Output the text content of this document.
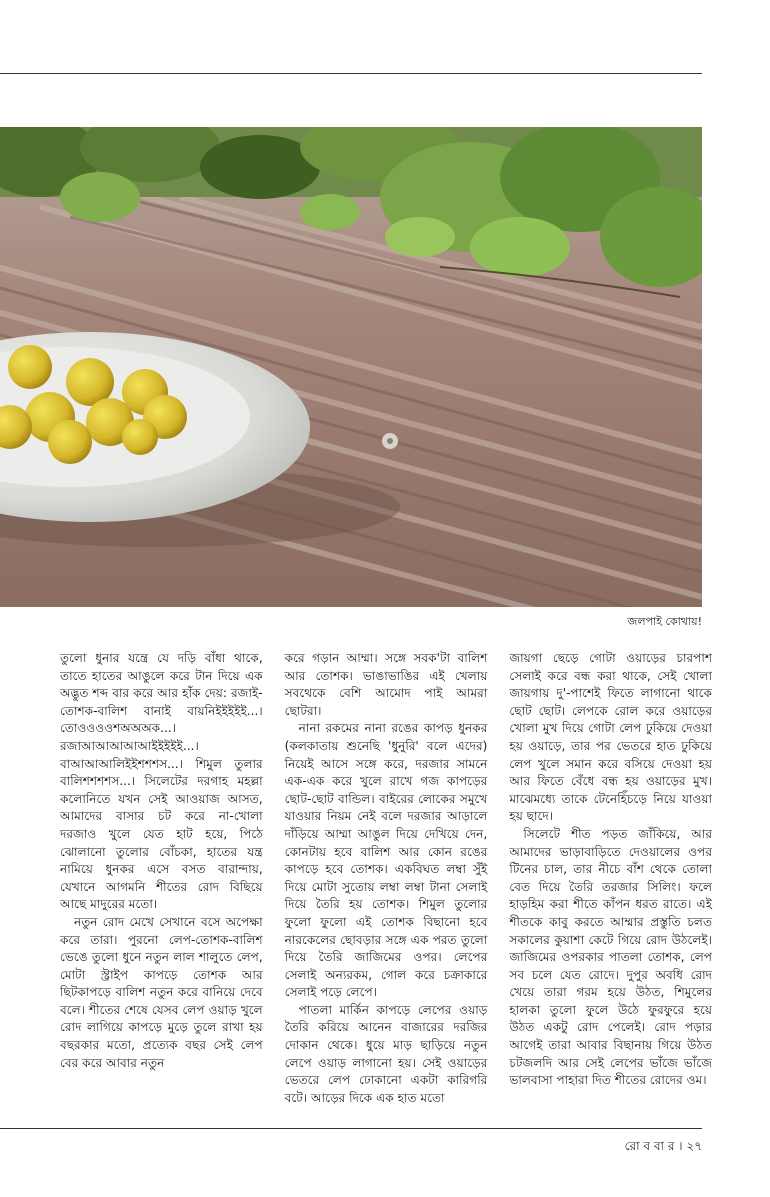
জলপাই কোথায়!

তুলো ধুনার যন্ত্রে যে দড়ি বাঁধা থাকে, তাতে হাতের আঙুলে করে টান দিয়ে এক অদ্ভুত শব্দ বার করে আর হাঁক দেয়: রজাই-তোশক-বালিশ বানাই বায়নিইইইইই...। তোওওওওশঅঅঅক...। রজাআআআআআইইইইই...। বাআআআলিইইশশশস...। শিমুল তুলার বালিশশশশস...। সিলেটের দরগাহ মহল্লা কলোনিতে যখন সেই আওয়াজ আসত, আমাদের বাসার চট করে না-খোলা দরজাও খুলে যেত হাট হয়ে, পিঠে ঝোলানো তুলোর বোঁচকা, হাতের যন্ত্র নামিয়ে ধুনকর এসে বসত বারান্দায়, যেখানে আগমনি শীতের রোদ বিছিয়ে আছে মাদুরের মতো।

নতুন রোদ মেখে সেখানে বসে অপেক্ষা করে তারা। পুরনো লেপ-তোশক-বালিশ ভেঙে তুলো ধুনে নতুন লাল শালুতে লেপ, মোটা স্ট্রাইপ কাপড়ে তোশক আর ছিটকাপড়ে বালিশ নতুন করে বানিয়ে দেবে বলে। শীতের শেষে যেসব লেপ ওয়াড় খুলে রোদ লাগিয়ে কাপড়ে মুড়ে তুলে রাখা হয় বছরকার মতো, প্রত্যেক বছর সেই লেপ বের করে আবার নতুন

করে গড়ান আম্মা। সঙ্গে সবক'টা বালিশ আর তোশক। ভাঙাভাঙির এই খেলায় সবথেকে বেশি আমোদ পাই আমরা ছোটরা।

নানা রকমের নানা রঙের কাপড় ধুনকর (কলকাতায় শুনেছি 'ধুনুরি' বলে এদের) নিয়েই আসে সঙ্গে করে, দরজার সামনে এক-এক করে খুলে রাখে গজ কাপড়ের ছোট-ছোট বান্ডিল। বাইরের লোকের সমুখে যাওয়ার নিয়ম নেই বলে দরজার আড়ালে দাঁড়িয়ে আম্মা আঙুল দিয়ে দেখিয়ে দেন, কোনটায় হবে বালিশ আর কোন রঙের কাপড়ে হবে তোশক। একবিঘত লম্বা সুঁই দিয়ে মোটা সুতোয় লম্বা লম্বা টানা সেলাই দিয়ে তৈরি হয় তোশক। শিমুল তুলোর ফুলো ফুলো এই তোশক বিছানো হবে নারকেলের ছোবড়ার সঙ্গে এক পরত তুলো দিয়ে তৈরি জাজিমের ওপর। লেপের সেলাই অন্যরকম, গোল করে চক্রাকারে সেলাই পড়ে লেপে।

পাতলা মার্কিন কাপড়ে লেপের ওয়াড় তৈরি করিয়ে আনেন বাজারের দরজির দোকান থেকে। ধুয়ে মাড় ছাড়িয়ে নতুন লেপে ওয়াড় লাগানো হয়। সেই ওয়াড়ের ভেতরে লেপ ঢোকানো একটা কারিগরি বটে। আড়ের দিকে এক হাত মতো

জায়গা ছেড়ে গোটা ওয়াড়ের চারপাশ সেলাই করে বন্ধ করা থাকে, সেই খোলা জায়গায় দু'-পাশেই ফিতে লাগানো থাকে ছোট ছোট। লেপকে রোল করে ওয়াড়ের খোলা মুখ দিয়ে গোটা লেপ ঢুকিয়ে দেওয়া হয় ওয়াড়ে, তার পর ভেতরে হাত ঢুকিয়ে লেপ খুলে সমান করে বসিয়ে দেওয়া হয় আর ফিতে বেঁধে বন্ধ হয় ওয়াড়ের মুখ। মাঝেমধ্যে তাকে টেনেহিঁচড়ে নিয়ে যাওয়া হয় ছাদে।

সিলেটে শীত পড়ত জাঁকিয়ে, আর আমাদের ভাড়াবাড়িতে দেওয়ালের ওপর টিনের চাল, তার নীচে বাঁশ থেকে তোলা বেত দিয়ে তৈরি তরজার সিলিং। ফলে হাড়হিম করা শীতে কাঁপন ধরত রাতে। এই শীতকে কাবু করতে আম্মার প্রস্তুতি চলত সকালের কুয়াশা কেটে গিয়ে রোদ উঠলেই। জাজিমের ওপরকার পাতলা তোশক, লেপ সব চলে যেত রোদে। দুপুর অবধি রোদ খেয়ে তারা গরম হয়ে উঠত, শিমুলের হালকা তুলো ফুলে উঠে ফুরফুরে হয়ে উঠত একটু রোদ পেলেই। রোদ পড়ার আগেই তারা আবার বিছানায় গিয়ে উঠত চটজলদি আর সেই লেপের ভাঁজে ভাঁজে ভালবাসা পাহারা দিত শীতের রোদের ওম।

রো ব বা র । ২৭
